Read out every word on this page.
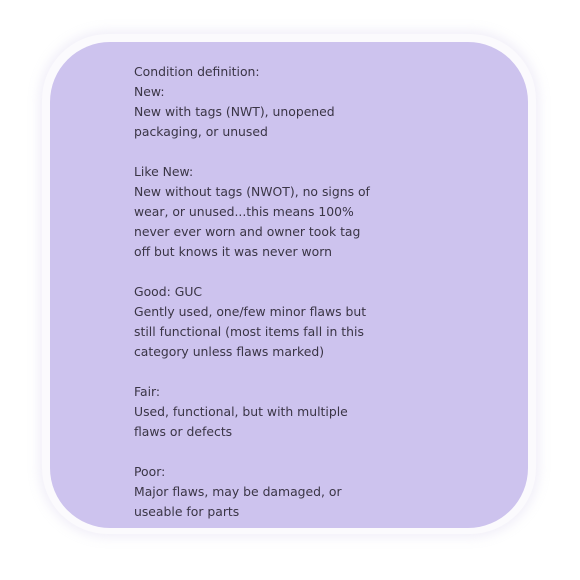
Condition definition:

New:

New with tags (NWT), unopened
packaging, or unused

Like New:

New without tags (NWOT), no signs of
wear, or unused...this means 100%
never ever worn and owner took tag
off but knows it was never worn

Good: GUC

Gently used, one/few minor flaws but
still functional (most items fall in this
category unless flaws marked)

Fair:

Used, functional, but with multiple
flaws or defects

Poor:

Major flaws, may be damaged, or
useable for parts
